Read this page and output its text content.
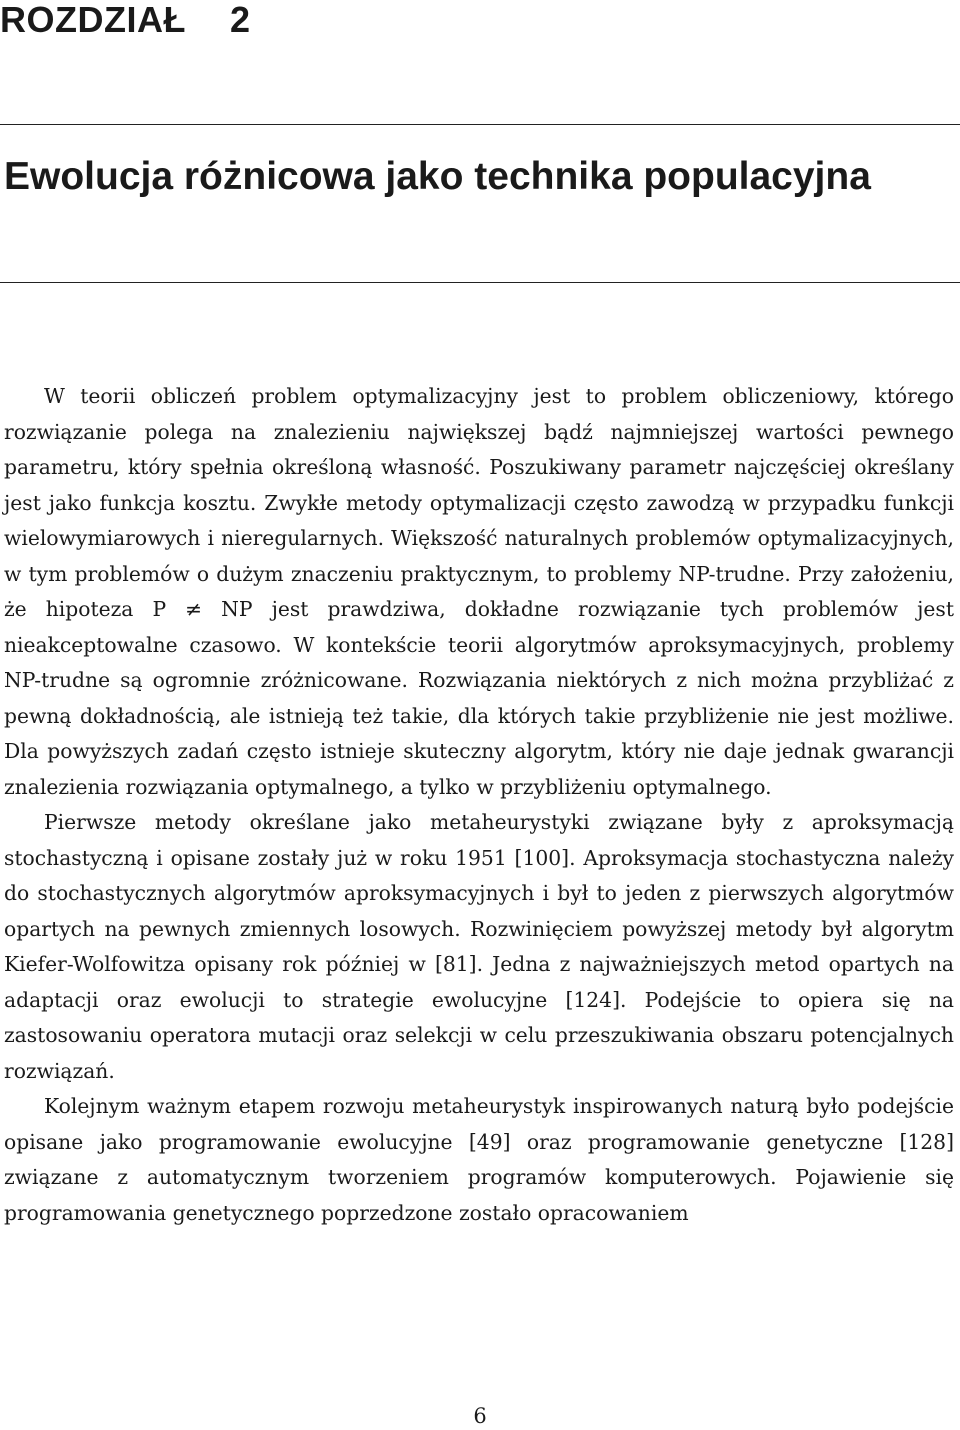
ROZDZIAŁ 2
Ewolucja różnicowa jako technika populacyjna

W teorii obliczeń problem optymalizacyjny jest to problem obliczeniowy, którego rozwiązanie polega na znalezieniu największej bądź najmniejszej wartości pewnego parametru, który spełnia określoną własność. Poszukiwany parametr najczęściej określany jest jako funkcja kosztu. Zwykłe metody optymalizacji często zawodzą w przypadku funkcji wielowymiarowych i nieregularnych. Większość naturalnych problemów optymalizacyjnych, w tym problemów o dużym znaczeniu praktycznym, to problemy NP-trudne. Przy założeniu, że hipoteza P ≠ NP jest prawdziwa, dokładne rozwiązanie tych problemów jest nieakceptowalne czasowo. W kontekście teorii algorytmów aproksymacyjnych, problemy NP-trudne są ogromnie zróżnicowane. Rozwiązania niektórych z nich można przybliżać z pewną dokładnością, ale istnieją też takie, dla których takie przybliżenie nie jest możliwe. Dla powyższych zadań często istnieje skuteczny algorytm, który nie daje jednak gwarancji znalezienia rozwiązania optymalnego, a tylko w przybliżeniu optymalnego.

Pierwsze metody określane jako metaheurystyki związane były z aproksymacją stochastyczną i opisane zostały już w roku 1951 [100]. Aproksymacja stochastyczna należy do stochastycznych algorytmów aproksymacyjnych i był to jeden z pierwszych algorytmów opartych na pewnych zmiennych losowych. Rozwinięciem powyższej metody był algorytm Kiefer-Wolfowitza opisany rok później w [81]. Jedna z najważniejszych metod opartych na adaptacji oraz ewolucji to strategie ewolucyjne [124]. Podejście to opiera się na zastosowaniu operatora mutacji oraz selekcji w celu przeszukiwania obszaru potencjalnych rozwiązań.

Kolejnym ważnym etapem rozwoju metaheurystyk inspirowanych naturą było podejście opisane jako programowanie ewolucyjne [49] oraz programowanie genetyczne [128] związane z automatycznym tworzeniem programów komputerowych. Pojawienie się programowania genetycznego poprzedzone zostało opracowaniem

6
